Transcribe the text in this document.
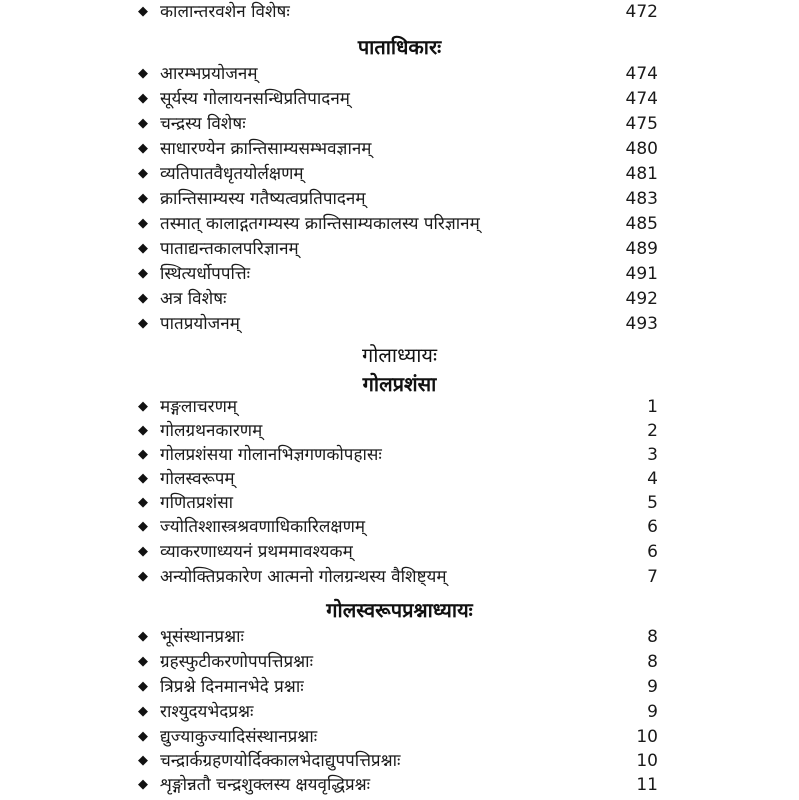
◆ कालान्तरवशेन विशेषः	472
पाताधिकारः
◆ आरम्भप्रयोजनम्	474
◆ सूर्यस्य गोलायनसन्धिप्रतिपादनम्	474
◆ चन्द्रस्य विशेषः	475
◆ साधारण्येन क्रान्तिसाम्यसम्भवज्ञानम्	480
◆ व्यतिपातवैधृतयोर्लक्षणम्	481
◆ क्रान्तिसाम्यस्य गतैष्यत्वप्रतिपादनम्	483
◆ तस्मात् कालाद्गतगम्यस्य क्रान्तिसाम्यकालस्य परिज्ञानम्	485
◆ पाताद्यन्तकालपरिज्ञानम्	489
◆ स्थित्यर्धोपपत्तिः	491
◆ अत्र विशेषः	492
◆ पातप्रयोजनम्	493
गोलाध्यायः
गोलप्रशंसा
◆ मङ्गलाचरणम्	1
◆ गोलग्रथनकारणम्	2
◆ गोलप्रशंसया गोलानभिज्ञगणकोपहासः	3
◆ गोलस्वरूपम्	4
◆ गणितप्रशंसा	5
◆ ज्योतिश्शास्त्रश्रवणाधिकारिलक्षणम्	6
◆ व्याकरणाध्ययनं प्रथममावश्यकम्	6
◆ अन्योक्तिप्रकारेण आत्मनो गोलग्रन्थस्य वैशिष्ट्यम्	7
गोलस्वरूपप्रश्नाध्यायः
◆ भूसंस्थानप्रश्नाः	8
◆ ग्रहस्फुटीकरणोपपत्तिप्रश्नाः	8
◆ त्रिप्रश्ने दिनमानभेदे प्रश्नाः	9
◆ राश्युदयभेदप्रश्नः	9
◆ द्युज्याकुज्यादिसंस्थानप्रश्नाः	10
◆ चन्द्रार्कग्रहणयोर्दिक्कालभेदाद्युपपत्तिप्रश्नाः	10
◆ शृङ्गोन्नतौ चन्द्रशुक्लस्य क्षयवृद्धिप्रश्नः	11
